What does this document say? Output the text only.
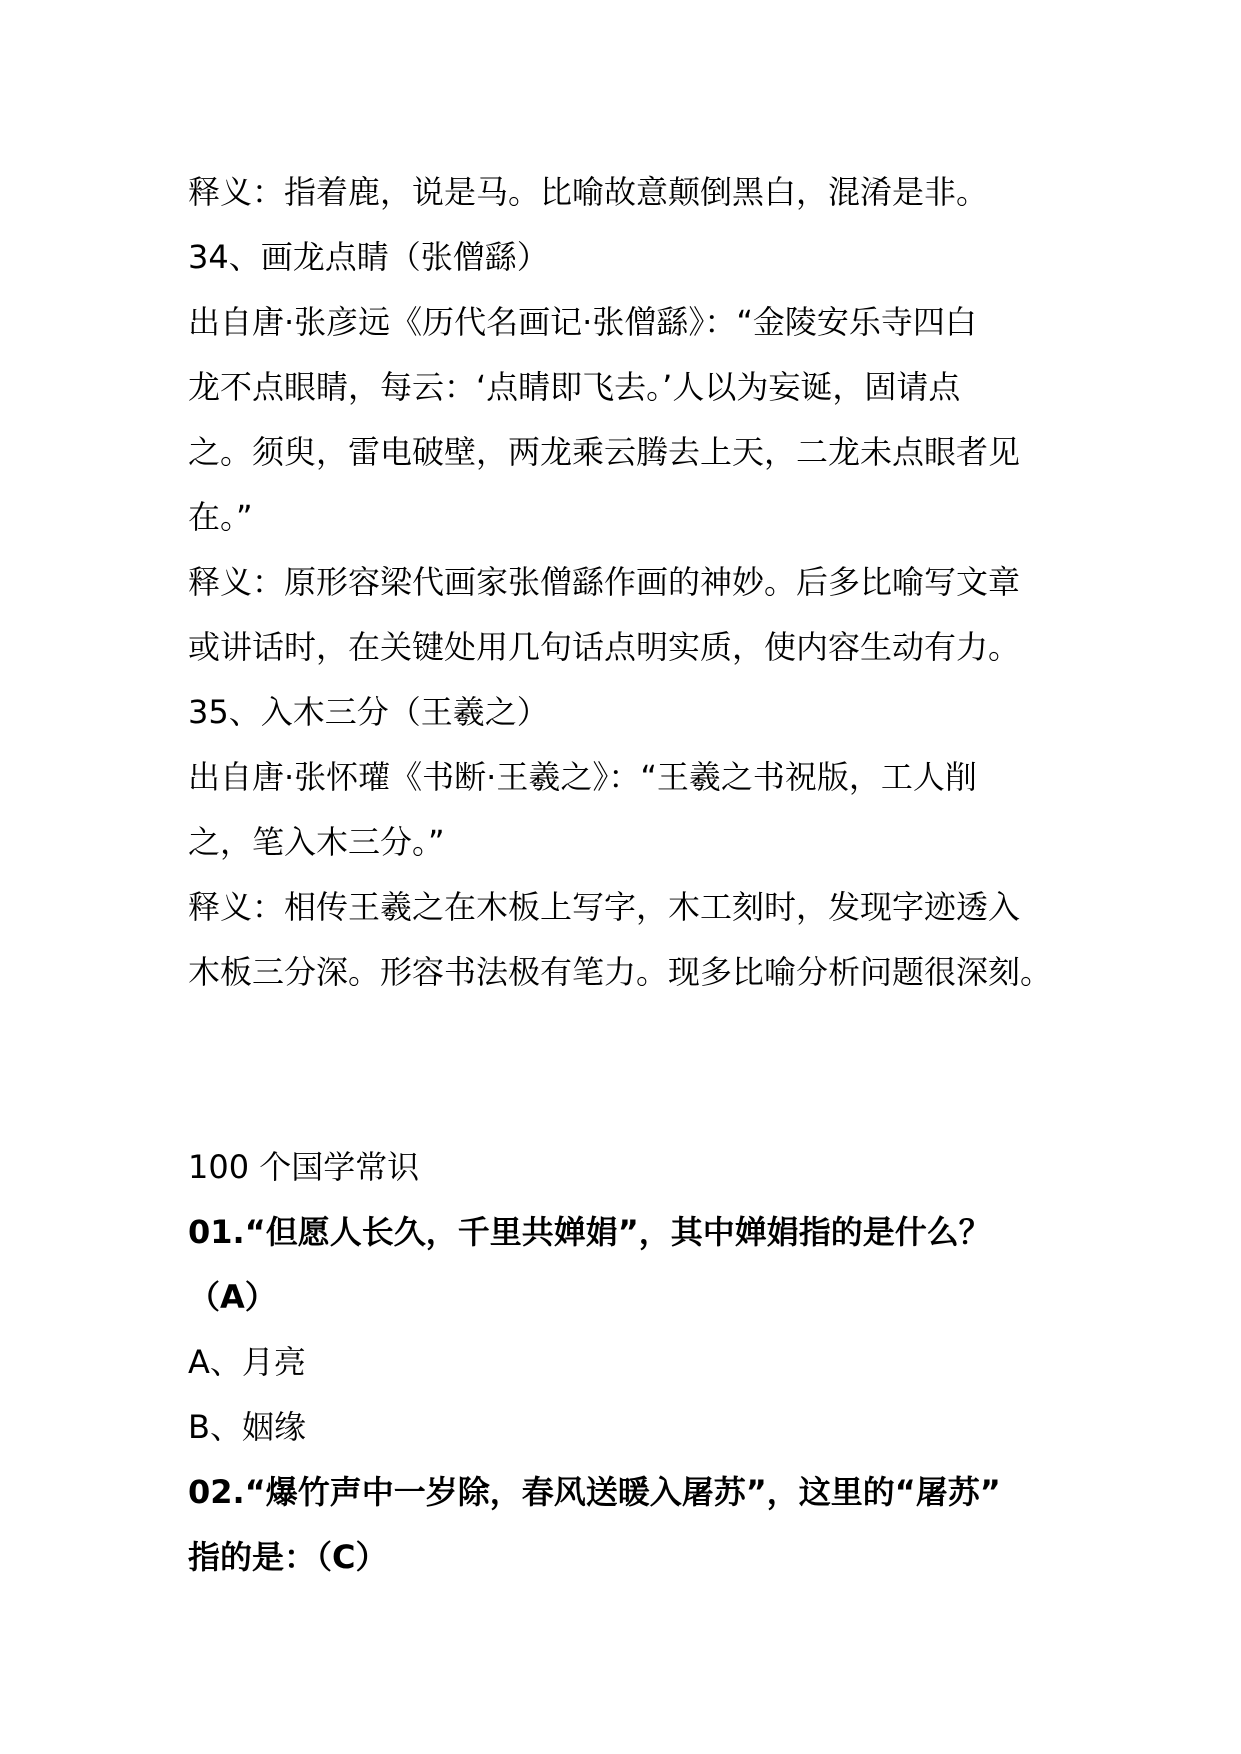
释义：指着鹿，说是马。比喻故意颠倒黑白，混淆是非。
34、画龙点睛（张僧繇）
出自唐·张彦远《历代名画记·张僧繇》：“金陵安乐寺四白
龙不点眼睛，每云：‘点睛即飞去。’人以为妄诞，固请点
之。须臾，雷电破壁，两龙乘云腾去上天，二龙未点眼者见
在。”
释义：原形容梁代画家张僧繇作画的神妙。后多比喻写文章
或讲话时，在关键处用几句话点明实质，使内容生动有力。
35、入木三分（王羲之）
出自唐·张怀瓘《书断·王羲之》：“王羲之书祝版，工人削
之，笔入木三分。”
释义：相传王羲之在木板上写字，木工刻时，发现字迹透入
木板三分深。形容书法极有笔力。现多比喻分析问题很深刻。
100 个国学常识
01.“但愿人长久，千里共婵娟”，其中婵娟指的是什么？
（A）
A、月亮
B、姻缘
02.“爆竹声中一岁除，春风送暖入屠苏”，这里的“屠苏”
指的是：（C）
